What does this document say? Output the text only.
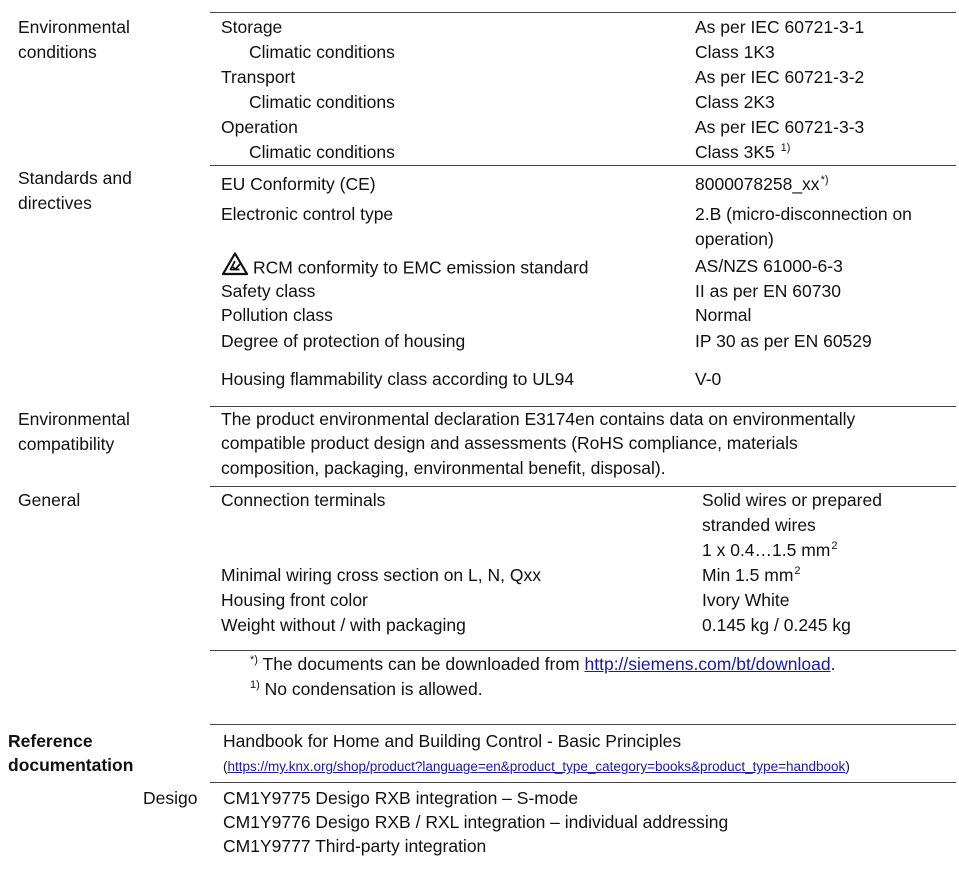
Environmental
conditions
Storage	As per IEC 60721-3-1
Climatic conditions	Class 1K3
Transport	As per IEC 60721-3-2
Climatic conditions	Class 2K3
Operation	As per IEC 60721-3-3
Climatic conditions	Class 3K5 $^{1)}$
Standards and
directives
EU Conformity (CE)	8000078258_xx*)
Electronic control type	2.B (micro-disconnection on
operation)
RCM conformity to EMC emission standard	AS/NZS 61000-6-3
Safety class	II as per EN 60730
Pollution class	Normal
Degree of protection of housing	IP 30 as per EN 60529
Housing flammability class according to UL94	V-0
Environmental
compatibility
The product environmental declaration E3174en contains data on environmentally
compatible product design and assessments (RoHS compliance, materials
composition, packaging, environmental benefit, disposal).
General	Connection terminals	Solid wires or prepared
stranded wires
1 x 0.4…1.5 $mm^2$
Minimal wiring cross section on L, N, Qxx	Min 1.5 $mm^2$
Housing front color	Ivory White
Weight without / with packaging	0.145 kg / 0.245 kg
*) The documents can be downloaded from http://siemens.com/bt/download.
$^{1)}$ No condensation is allowed.
Reference
documentation
Handbook for Home and Building Control - Basic Principles
(https://my.knx.org/shop/product?language=en&product_type_category=books&product_type=handbook)
Desigo CM1Y9775 Desigo RXB integration – S-mode
CM1Y9776 Desigo RXB / RXL integration – individual addressing
CM1Y9777 Third-party integration
